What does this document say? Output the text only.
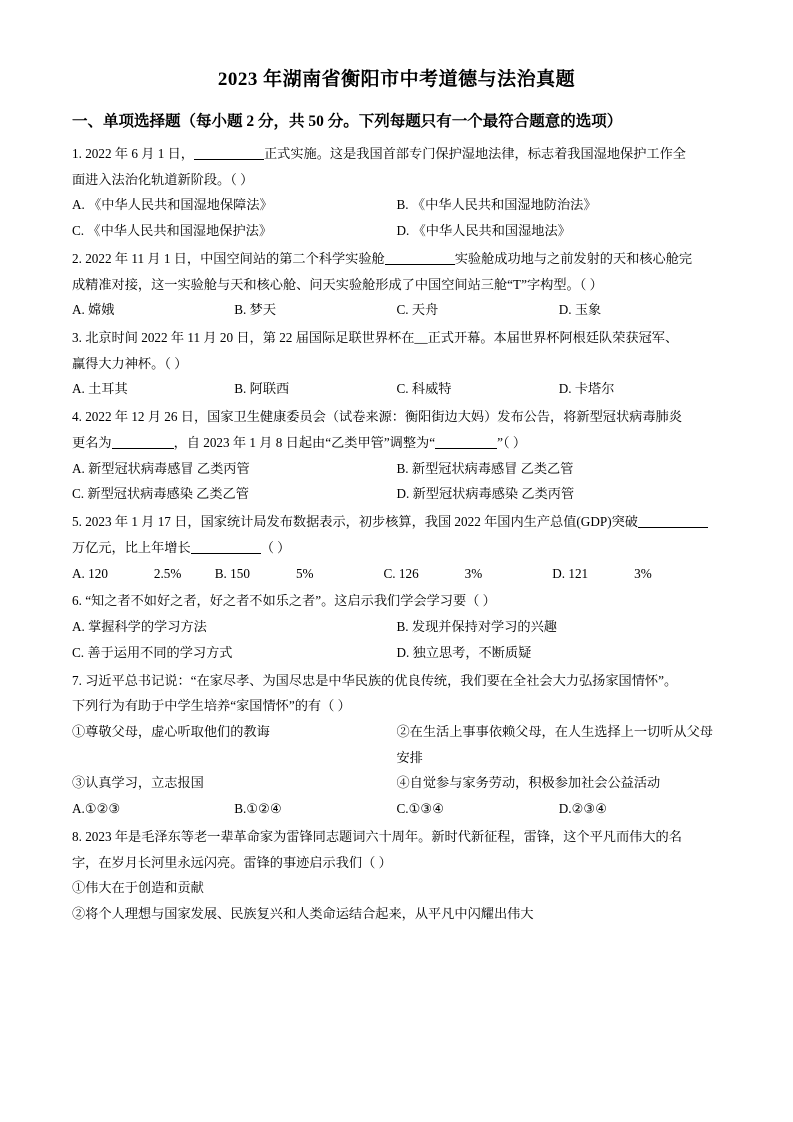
2023 年湖南省衡阳市中考道德与法治真题
一、单项选择题（每小题 2 分，共 50 分。下列每题只有一个最符合题意的选项）

1. 2022 年 6 月 1 日，	正式实施。这是我国首部专门保护湿地法律，标志着我国湿地保护工作全

面进入法治化轨道新阶段。（ ）

A. 《中华人民共和国湿地保障法》	B. 《中华人民共和国湿地防治法》
C. 《中华人民共和国湿地保护法》	D. 《中华人民共和国湿地法》

2. 2022 年 11 月 1 日，中国空间站的第二个科学实验舱	实验舱成功地与之前发射的天和核心舱完

成精准对接，这一实验舱与天和核心舱、问天实验舱形成了中国空间站三舱“T”字构型。（ ）

A. 嫦娥	B. 梦天	C. 天舟	D. 玉象

3. 北京时间 2022 年 11 月 20 日，第 22 届国际足联世界杯在__正式开幕。本届世界杯阿根廷队荣获冠军、

赢得大力神杯。（ ）

A. 土耳其	B. 阿联西	C. 科威特	D. 卡塔尔

4. 2022 年 12 月 26 日，国家卫生健康委员会（试卷来源：衡阳街边大妈）发布公告，将新型冠状病毒肺炎

更名为	，自 2023 年 1 月 8 日起由“乙类甲管”调整为“	”（ ）

A. 新型冠状病毒感冒 乙类丙管	B. 新型冠状病毒感冒 乙类乙管
C. 新型冠状病毒感染 乙类乙管	D. 新型冠状病毒感染 乙类丙管

5. 2023 年 1 月 17 日，国家统计局发布数据表示，初步核算，我国 2022 年国内生产总值(GDP)突破

万亿元，比上年增长	（ ）

A. 120	2.5%	B. 150	5%	C. 126	3%	D. 121	3%

6. “知之者不如好之者，好之者不如乐之者”。这启示我们学会学习要（ ）

A. 掌握科学的学习方法	B. 发现并保持对学习的兴趣
C. 善于运用不同的学习方式	D. 独立思考，不断质疑

7. 习近平总书记说：“在家尽孝、为国尽忠是中华民族的优良传统，我们要在全社会大力弘扬家国情怀”。

下列行为有助于中学生培养“家国情怀”的有（ ）

①尊敬父母，虚心听取他们的教诲	②在生活上事事依赖父母，在人生选择上一切听从父母安排
③认真学习，立志报国	④自觉参与家务劳动，积极参加社会公益活动
A.①②③	B.①②④	C.①③④	D.②③④

8. 2023 年是毛泽东等老一辈革命家为雷锋同志题词六十周年。新时代新征程，雷锋，这个平凡而伟大的名

字，在岁月长河里永远闪亮。雷锋的事迹启示我们（ ）

①伟大在于创造和贡献

②将个人理想与国家发展、民族复兴和人类命运结合起来，从平凡中闪耀出伟大
